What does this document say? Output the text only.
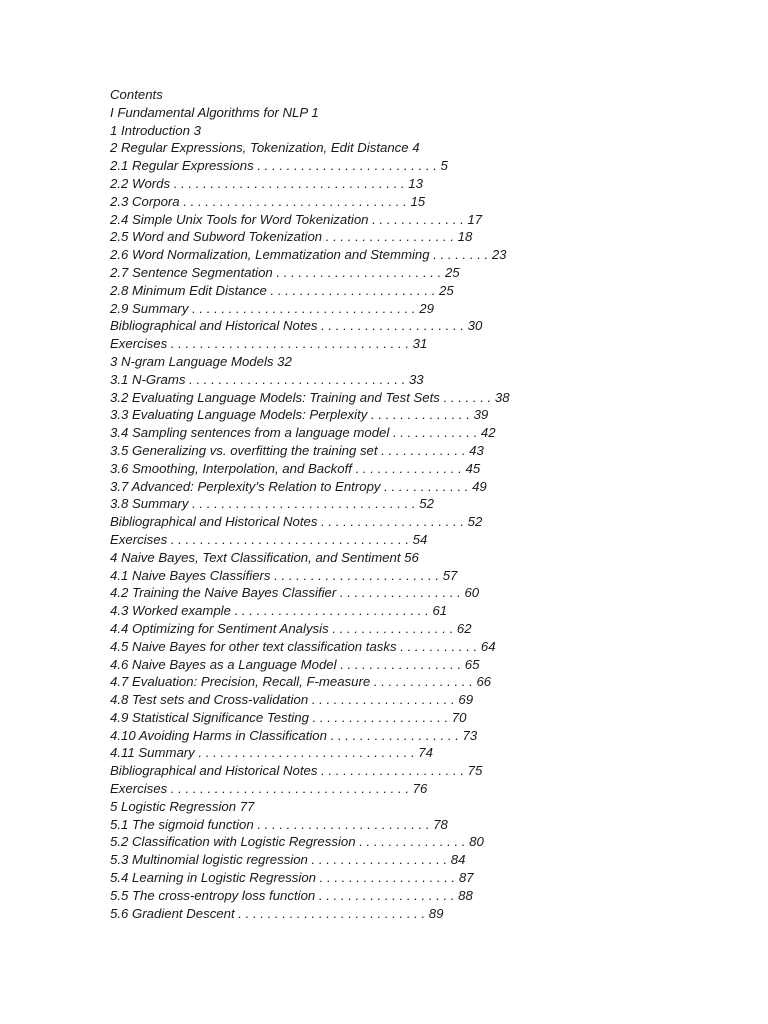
Contents

I Fundamental Algorithms for NLP 1

1 Introduction 3

2 Regular Expressions, Tokenization, Edit Distance 4

2.1 Regular Expressions . . . . . . . . . . . . . . . . . . . . . . . . . 5

2.2 Words . . . . . . . . . . . . . . . . . . . . . . . . . . . . . . . . 13

2.3 Corpora . . . . . . . . . . . . . . . . . . . . . . . . . . . . . . . 15

2.4 Simple Unix Tools for Word Tokenization . . . . . . . . . . . . . 17

2.5 Word and Subword Tokenization . . . . . . . . . . . . . . . . . . 18

2.6 Word Normalization, Lemmatization and Stemming . . . . . . . . 23

2.7 Sentence Segmentation . . . . . . . . . . . . . . . . . . . . . . . 25

2.8 Minimum Edit Distance . . . . . . . . . . . . . . . . . . . . . . . 25

2.9 Summary . . . . . . . . . . . . . . . . . . . . . . . . . . . . . . . 29

Bibliographical and Historical Notes . . . . . . . . . . . . . . . . . . . . 30

Exercises . . . . . . . . . . . . . . . . . . . . . . . . . . . . . . . . . 31

3 N-gram Language Models 32

3.1 N-Grams . . . . . . . . . . . . . . . . . . . . . . . . . . . . . . 33

3.2 Evaluating Language Models: Training and Test Sets . . . . . . . 38

3.3 Evaluating Language Models: Perplexity . . . . . . . . . . . . . . 39

3.4 Sampling sentences from a language model . . . . . . . . . . . . 42

3.5 Generalizing vs. overfitting the training set . . . . . . . . . . . . 43

3.6 Smoothing, Interpolation, and Backoff . . . . . . . . . . . . . . . 45

3.7 Advanced: Perplexity’s Relation to Entropy . . . . . . . . . . . . 49

3.8 Summary . . . . . . . . . . . . . . . . . . . . . . . . . . . . . . . 52

Bibliographical and Historical Notes . . . . . . . . . . . . . . . . . . . . 52

Exercises . . . . . . . . . . . . . . . . . . . . . . . . . . . . . . . . . 54

4 Naive Bayes, Text Classification, and Sentiment 56

4.1 Naive Bayes Classifiers . . . . . . . . . . . . . . . . . . . . . . . 57

4.2 Training the Naive Bayes Classifier . . . . . . . . . . . . . . . . . 60

4.3 Worked example . . . . . . . . . . . . . . . . . . . . . . . . . . . 61

4.4 Optimizing for Sentiment Analysis . . . . . . . . . . . . . . . . . 62

4.5 Naive Bayes for other text classification tasks . . . . . . . . . . . 64

4.6 Naive Bayes as a Language Model . . . . . . . . . . . . . . . . . 65

4.7 Evaluation: Precision, Recall, F-measure . . . . . . . . . . . . . . 66

4.8 Test sets and Cross-validation . . . . . . . . . . . . . . . . . . . . 69

4.9 Statistical Significance Testing . . . . . . . . . . . . . . . . . . . 70

4.10 Avoiding Harms in Classification . . . . . . . . . . . . . . . . . . 73

4.11 Summary . . . . . . . . . . . . . . . . . . . . . . . . . . . . . . 74

Bibliographical and Historical Notes . . . . . . . . . . . . . . . . . . . . 75

Exercises . . . . . . . . . . . . . . . . . . . . . . . . . . . . . . . . . 76

5 Logistic Regression 77

5.1 The sigmoid function . . . . . . . . . . . . . . . . . . . . . . . . 78

5.2 Classification with Logistic Regression . . . . . . . . . . . . . . . 80

5.3 Multinomial logistic regression . . . . . . . . . . . . . . . . . . . 84

5.4 Learning in Logistic Regression . . . . . . . . . . . . . . . . . . . 87

5.5 The cross-entropy loss function . . . . . . . . . . . . . . . . . . . 88

5.6 Gradient Descent . . . . . . . . . . . . . . . . . . . . . . . . . . 89
